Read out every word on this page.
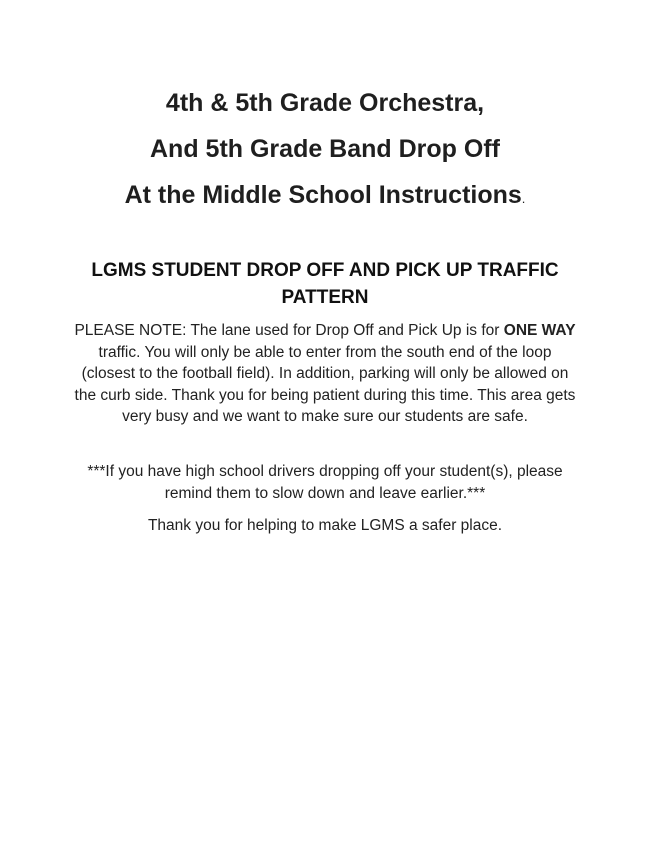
4th & 5th Grade Orchestra,
And 5th Grade Band Drop Off
At the Middle School Instructions.
LGMS STUDENT DROP OFF AND PICK UP TRAFFIC PATTERN
PLEASE NOTE: The lane used for Drop Off and Pick Up is for ONE WAY traffic. You will only be able to enter from the south end of the loop (closest to the football field). In addition, parking will only be allowed on the curb side. Thank you for being patient during this time. This area gets very busy and we want to make sure our students are safe.
***If you have high school drivers dropping off your student(s), please remind them to slow down and leave earlier.***
Thank you for helping to make LGMS a safer place.
